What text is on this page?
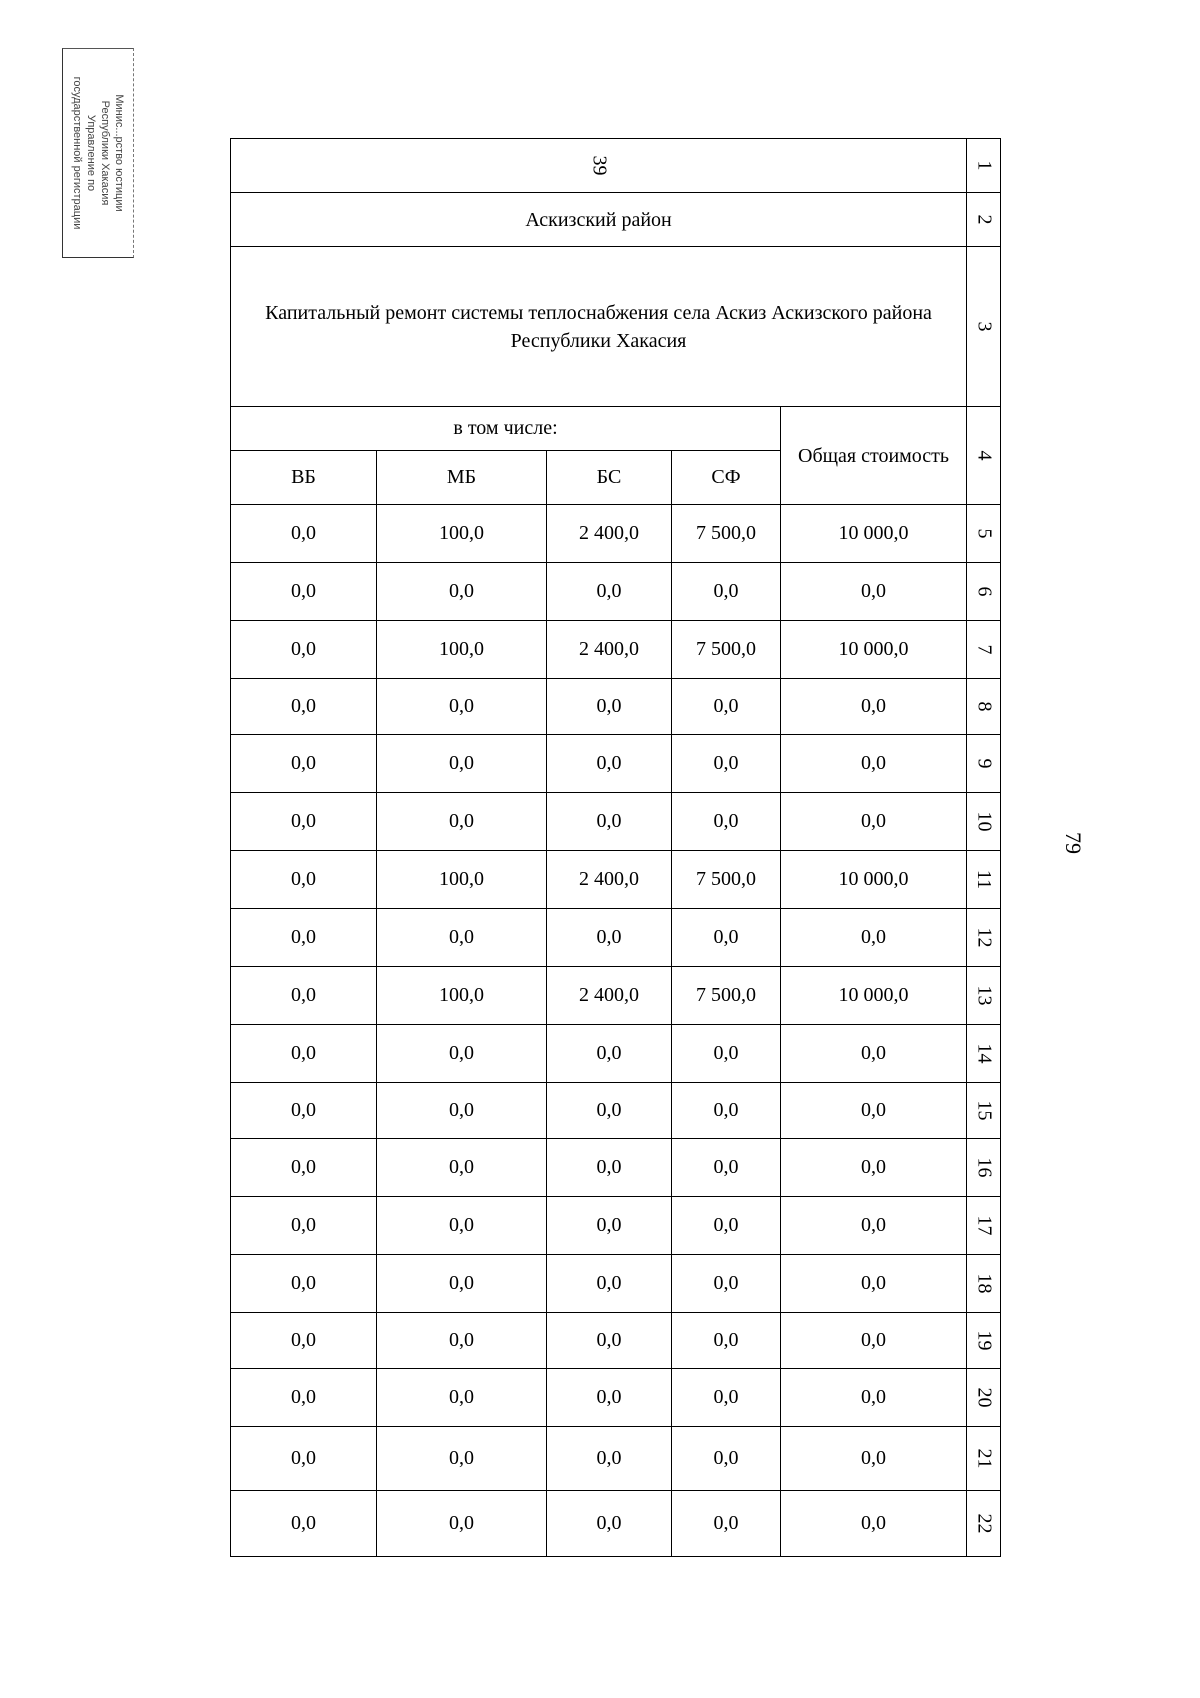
Минис...рство юстиции
Республики Хакасия
Управление по
государственной регистрации
79
39					1
Аскизский район					2
Капитальный ремонт системы теплоснабжения села Аскиз Аскизского района Республики Хакасия					3
в том числе:				Общая стоимость	4
ВБ	МБ	БС	СФ		
0,0	100,0	2 400,0	7 500,0	10 000,0	5
0,0	0,0	0,0	0,0	0,0	6
0,0	100,0	2 400,0	7 500,0	10 000,0	7
0,0	0,0	0,0	0,0	0,0	8
0,0	0,0	0,0	0,0	0,0	9
0,0	0,0	0,0	0,0	0,0	10
0,0	100,0	2 400,0	7 500,0	10 000,0	11
0,0	0,0	0,0	0,0	0,0	12
0,0	100,0	2 400,0	7 500,0	10 000,0	13
0,0	0,0	0,0	0,0	0,0	14
0,0	0,0	0,0	0,0	0,0	15
0,0	0,0	0,0	0,0	0,0	16
0,0	0,0	0,0	0,0	0,0	17
0,0	0,0	0,0	0,0	0,0	18
0,0	0,0	0,0	0,0	0,0	19
0,0	0,0	0,0	0,0	0,0	20
0,0	0,0	0,0	0,0	0,0	21
0,0	0,0	0,0	0,0	0,0	22
